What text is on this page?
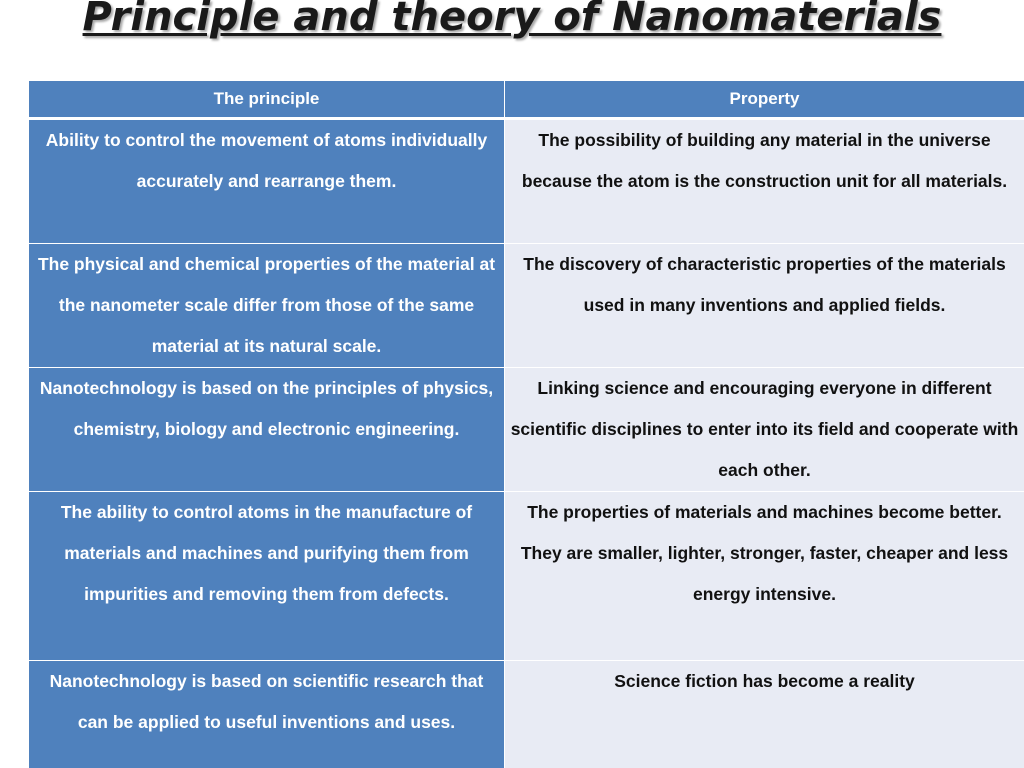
Principle and theory of Nanomaterials
The principle	Property
Ability to control the movement of atoms individually accurately and rearrange them.	The possibility of building any material in the universe because the atom is the construction unit for all materials.
The physical and chemical properties of the material at the nanometer scale differ from those of the same material at its natural scale.	The discovery of characteristic properties of the materials used in many inventions and applied fields.
Nanotechnology is based on the principles of physics, chemistry, biology and electronic engineering.	Linking science and encouraging everyone in different scientific disciplines to enter into its field and cooperate with each other.
The ability to control atoms in the manufacture of materials and machines and purifying them from impurities and removing them from defects.	The properties of materials and machines become better. They are smaller, lighter, stronger, faster, cheaper and less energy intensive.
Nanotechnology is based on scientific research that can be applied to useful inventions and uses.	Science fiction has become a reality
